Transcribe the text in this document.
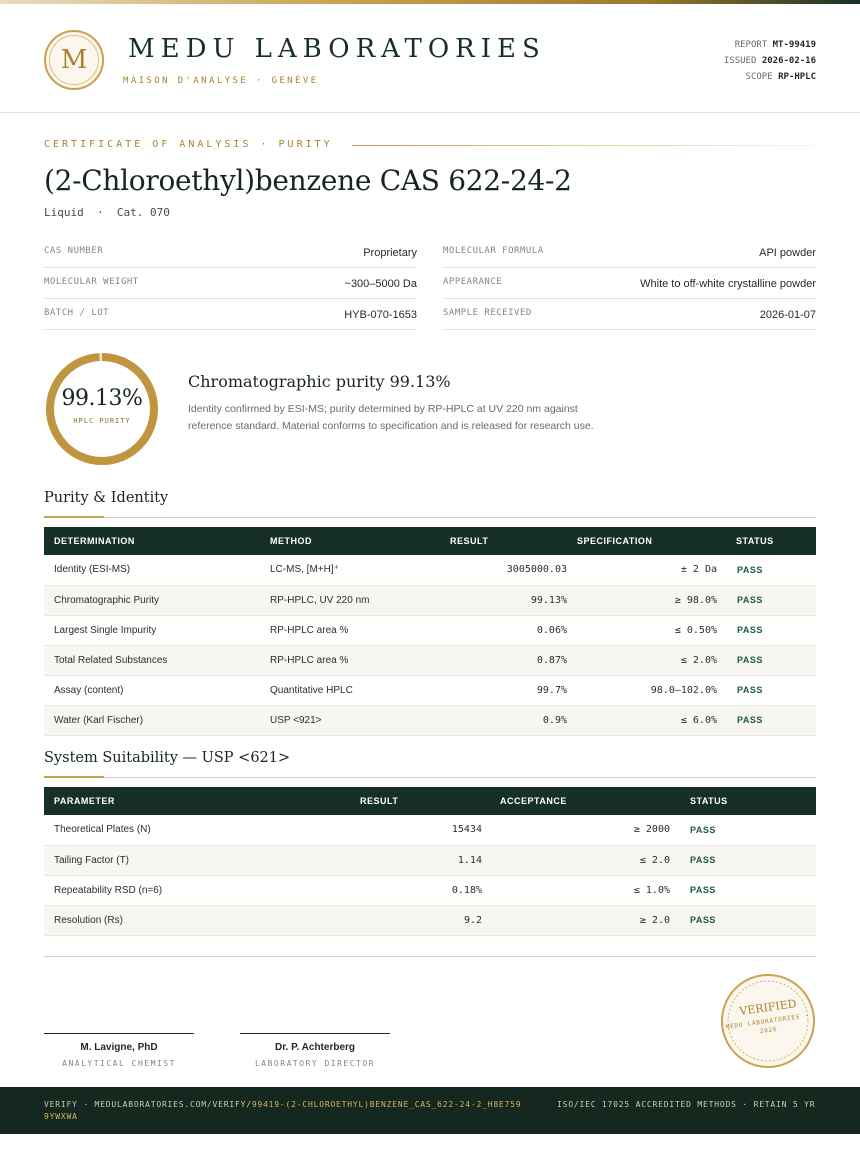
M	MEDU LABORATORIES
MAISON D'ANALYSE · GENÈVE
REPORT MT-99419
ISSUED 2026-02-16
SCOPE RP-HPLC
CERTIFICATE OF ANALYSIS · PURITY
(2-Chloroethyl)benzene CAS 622-24-2
Liquid  ·  Cat. 070
CAS NUMBER	Proprietary	MOLECULAR FORMULA	API powder
MOLECULAR WEIGHT	~300–5000 Da	APPEARANCE	White to off-white crystalline powder
BATCH / LOT	HYB-070-1653	SAMPLE RECEIVED	2026-01-07
99.13%
HPLC PURITY
Chromatographic purity 99.13%
Identity confirmed by ESI-MS; purity determined by RP-HPLC at UV 220 nm against reference standard. Material conforms to specification and is released for research use.
Purity & Identity
DETERMINATION	METHOD	RESULT	SPECIFICATION	STATUS
Identity (ESI-MS)	LC-MS, [M+H]⁺	3005000.03	± 2 Da	PASS
Chromatographic Purity	RP-HPLC, UV 220 nm	99.13%	≥ 98.0%	PASS
Largest Single Impurity	RP-HPLC area %	0.06%	≤ 0.50%	PASS
Total Related Substances	RP-HPLC area %	0.87%	≤ 2.0%	PASS
Assay (content)	Quantitative HPLC	99.7%	98.0–102.0%	PASS
Water (Karl Fischer)	USP <921>	0.9%	≤ 6.0%	PASS
System Suitability — USP <621>
PARAMETER	RESULT	ACCEPTANCE	STATUS
Theoretical Plates (N)	15434	≥ 2000	PASS
Tailing Factor (T)	1.14	≤ 2.0	PASS
Repeatability RSD (n=6)	0.18%	≤ 1.0%	PASS
Resolution (Rs)	9.2	≥ 2.0	PASS
M. Lavigne, PhD
ANALYTICAL CHEMIST
Dr. P. Achterberg
LABORATORY DIRECTOR
VERIFIED
MEDU LABORATORIES · 2026
VERIFY · MEDULABORATORIES.COM/VERIFY/99419-(2-CHLOROETHYL)BENZENE_CAS_622-24-2_H8E7599YWXWA
ISO/IEC 17025 ACCREDITED METHODS · RETAIN 5 YR
